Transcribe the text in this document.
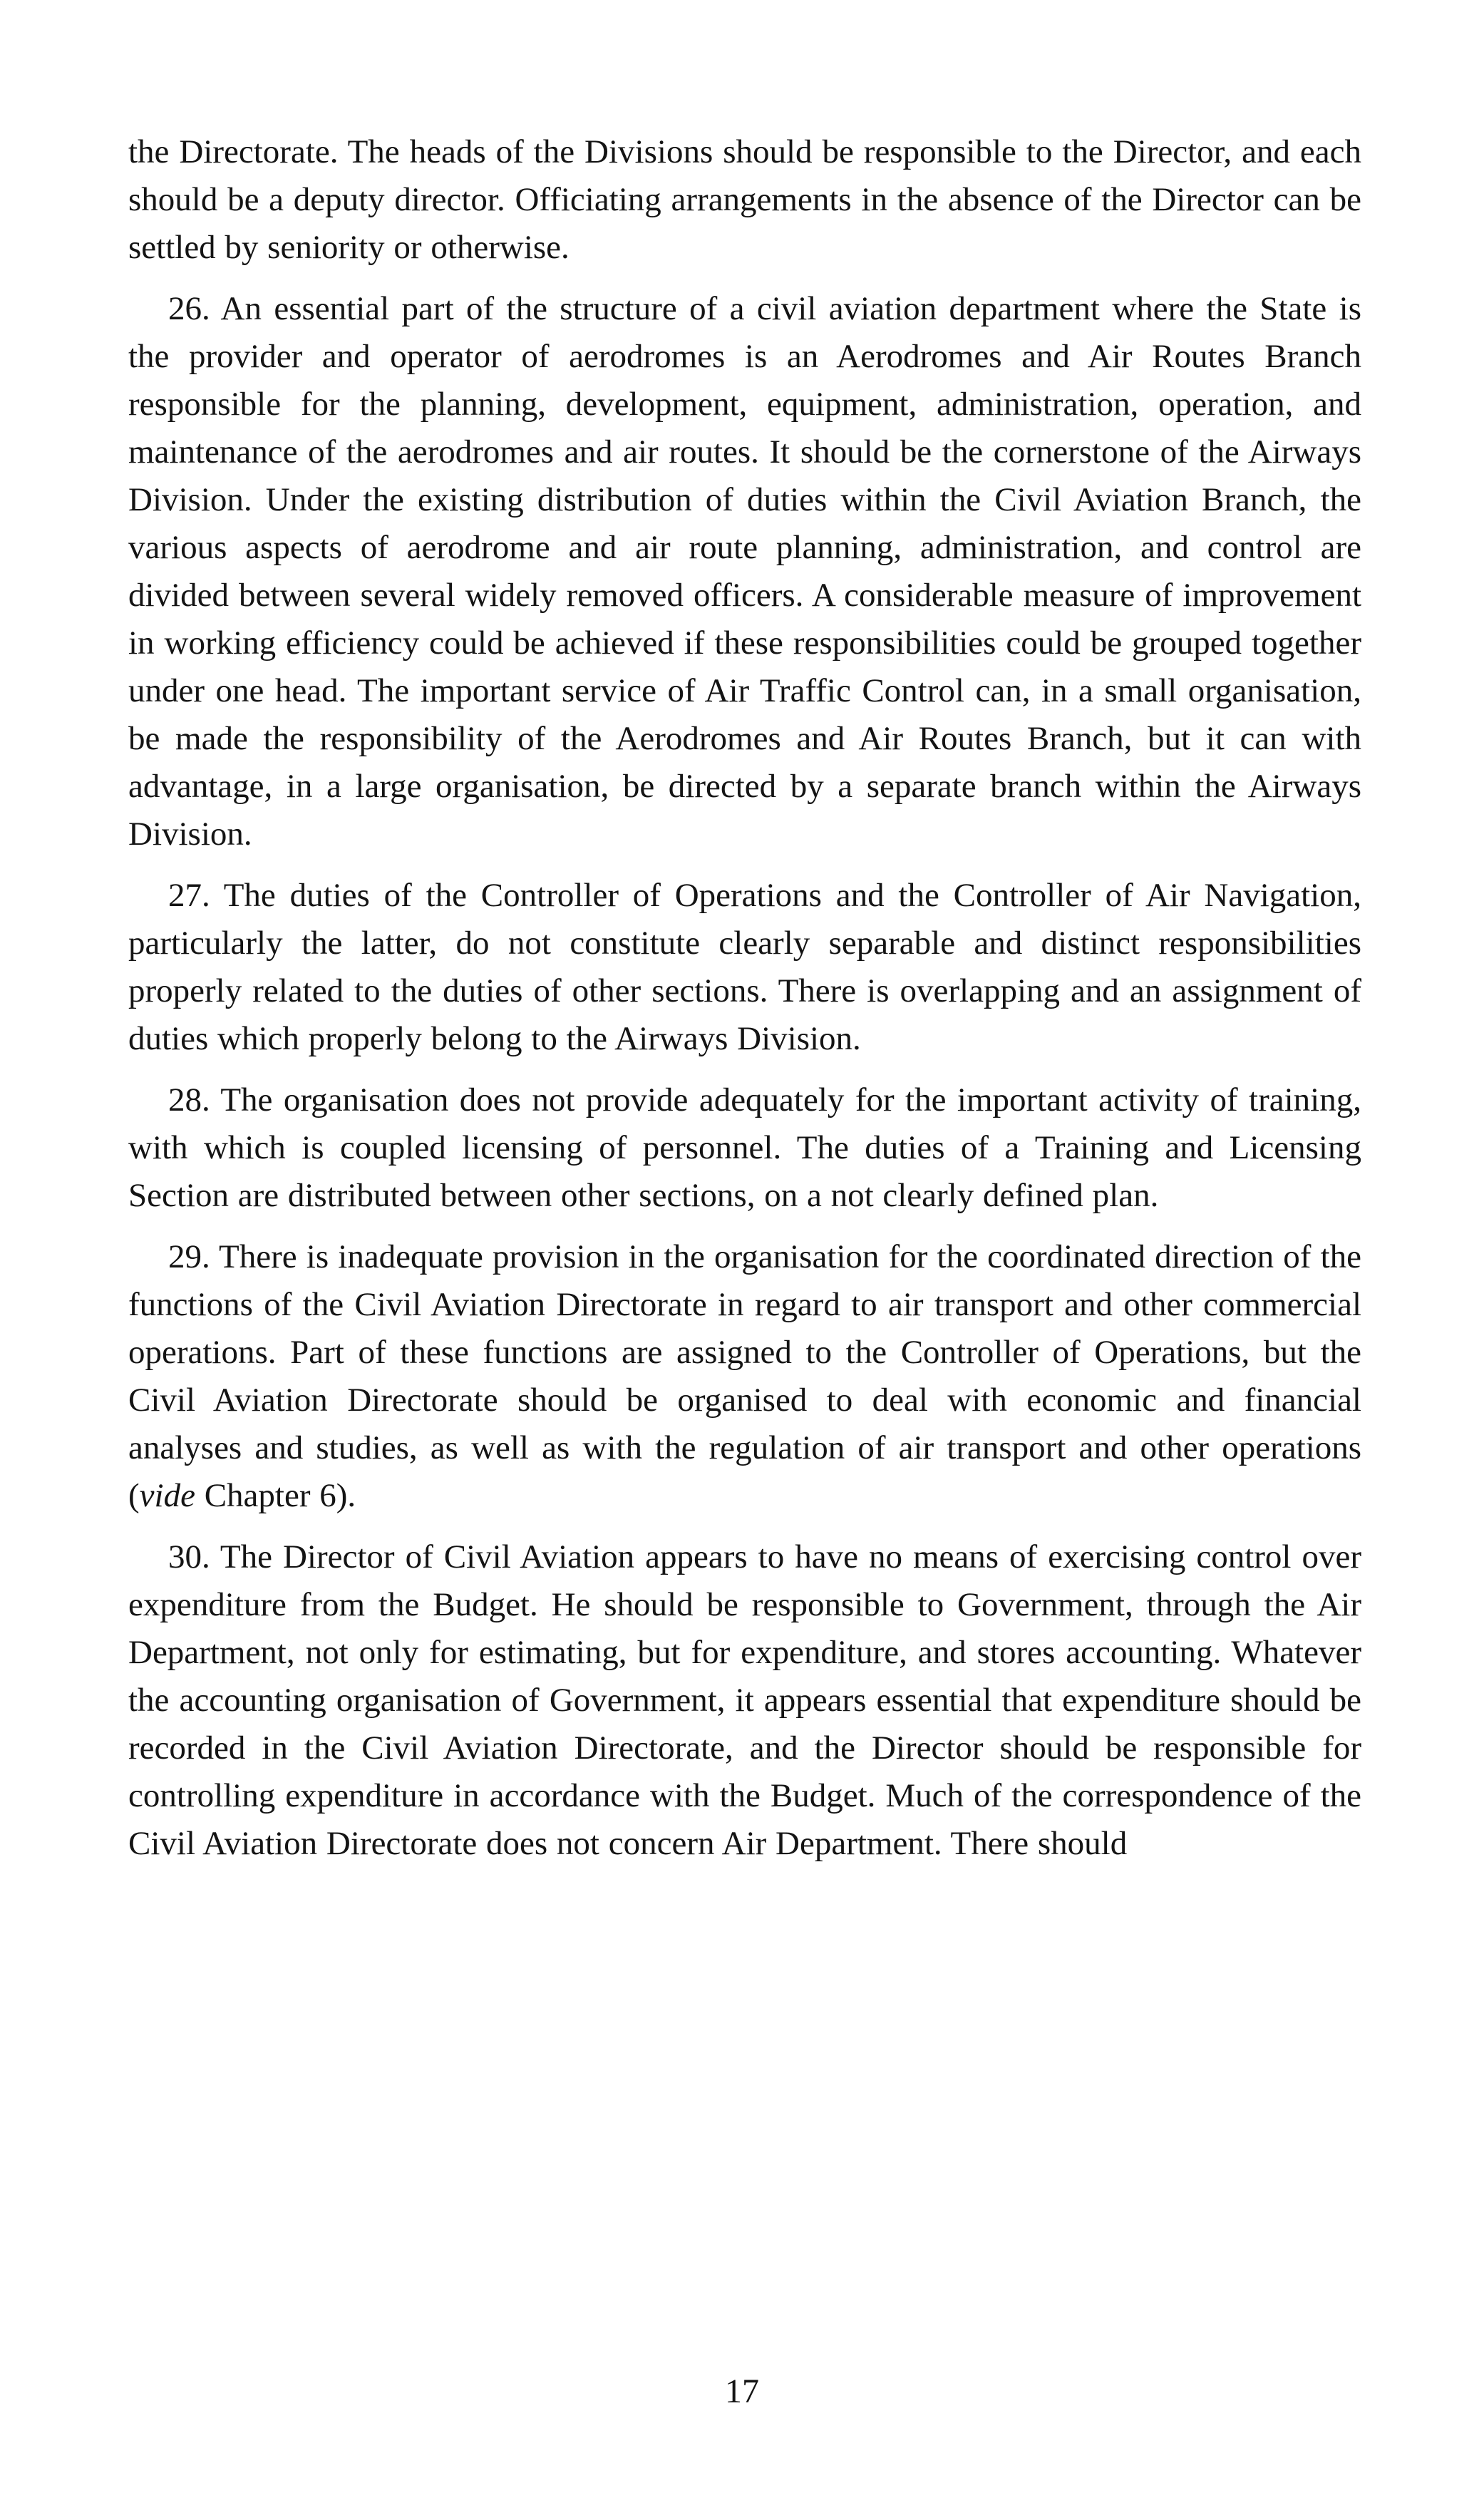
the Directorate. The heads of the Divisions should be responsible to the Director, and each should be a deputy director. Officiating arrangements in the absence of the Director can be settled by seniority or otherwise.

26. An essential part of the structure of a civil aviation department where the State is the provider and operator of aerodromes is an Aerodromes and Air Routes Branch responsible for the planning, development, equipment, administration, operation, and maintenance of the aerodromes and air routes. It should be the cornerstone of the Airways Division. Under the existing distribution of duties within the Civil Aviation Branch, the various aspects of aerodrome and air route planning, administration, and control are divided between several widely removed officers. A considerable measure of improvement in working efficiency could be achieved if these responsibilities could be grouped together under one head. The important service of Air Traffic Control can, in a small organisation, be made the responsibility of the Aerodromes and Air Routes Branch, but it can with advantage, in a large organisation, be directed by a separate branch within the Airways Division.

27. The duties of the Controller of Operations and the Controller of Air Navigation, particularly the latter, do not constitute clearly separable and distinct responsibilities properly related to the duties of other sections. There is overlapping and an assignment of duties which properly belong to the Airways Division.

28. The organisation does not provide adequately for the important activity of training, with which is coupled licensing of personnel. The duties of a Training and Licensing Section are distributed between other sections, on a not clearly defined plan.

29. There is inadequate provision in the organisation for the coordinated direction of the functions of the Civil Aviation Directorate in regard to air transport and other commercial operations. Part of these functions are assigned to the Controller of Operations, but the Civil Aviation Directorate should be organised to deal with economic and financial analyses and studies, as well as with the regulation of air transport and other operations (vide Chapter 6).

30. The Director of Civil Aviation appears to have no means of exercising control over expenditure from the Budget. He should be responsible to Government, through the Air Department, not only for estimating, but for expenditure, and stores accounting. Whatever the accounting organisation of Government, it appears essential that expenditure should be recorded in the Civil Aviation Directorate, and the Director should be responsible for controlling expenditure in accordance with the Budget. Much of the correspondence of the Civil Aviation Directorate does not concern Air Department. There should

17
